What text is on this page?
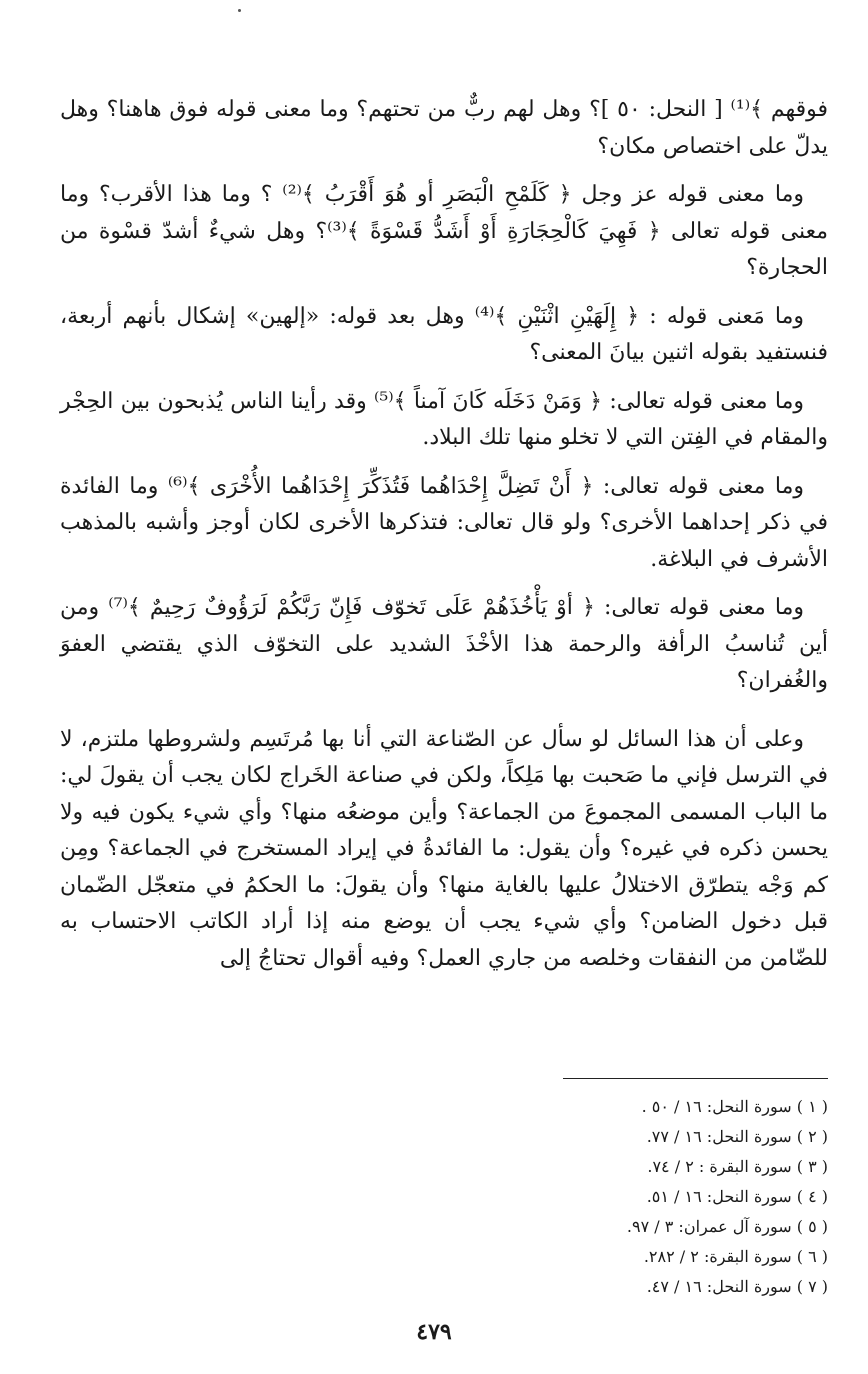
فوقهم ﴾⁽¹⁾ [ النحل: ٥٠ ]؟ وهل لهم ربٌّ من تحتهم؟ وما معنى قوله فوق هاهنا؟ وهل يدلّ على اختصاص مكان؟

وما معنى قوله عز وجل ﴿ كَلَمْحِ الْبَصَرِ أو هُوَ أَقْرَبُ ﴾⁽²⁾ ؟ وما هذا الأقرب؟ وما معنى قوله تعالى ﴿ فَهِيَ كَالْحِجَارَةِ أَوْ أَشَدُّ قَسْوَةً ﴾⁽³⁾؟ وهل شيءٌ أشدّ قسْوة من الحجارة؟

وما مَعنى قوله : ﴿ إِلَهَيْنِ اثْنَيْنِ ﴾⁽⁴⁾ وهل بعد قوله: «إلهين» إشكال بأنهم أربعة، فنستفيد بقوله اثنين بيانَ المعنى؟

وما معنى قوله تعالى: ﴿ وَمَنْ دَخَلَه كَانَ آمناً ﴾⁽⁵⁾ وقد رأينا الناس يُذبحون بين الحِجْر والمقام في الفِتن التي لا تخلو منها تلك البلاد.

وما معنى قوله تعالى: ﴿ أَنْ تَضِلَّ إِحْدَاهُما فَتُذَكِّرَ إِحْدَاهُما الأُخْرَى ﴾⁽⁶⁾ وما الفائدة في ذكر إحداهما الأخرى؟ ولو قال تعالى: فتذكرها الأخرى لكان أوجز وأشبه بالمذهب الأشرف في البلاغة.

وما معنى قوله تعالى: ﴿ أوْ يَأْخُذَهُمْ عَلَى تَخوّف فَإِنّ رَبَّكُمْ لَرَؤُوفٌ رَحِيمٌ ﴾⁽⁷⁾ ومن أين تُناسبُ الرأفة والرحمة هذا الأخْذَ الشديد على التخوّف الذي يقتضي العفوَ والغُفران؟

وعلى أن هذا السائل لو سأل عن الصّناعة التي أنا بها مُرتَسِم ولشروطها ملتزم، لا في الترسل فإني ما صَحبت بها مَلِكاً، ولكن في صناعة الخَراج لكان يجب أن يقولَ لي: ما الباب المسمى المجموعَ من الجماعة؟ وأين موضعُه منها؟ وأي شيء يكون فيه ولا يحسن ذكره في غيره؟ وأن يقول: ما الفائدةُ في إيراد المستخرج في الجماعة؟ ومِن كم وَجْه يتطرّق الاختلالُ عليها بالغاية منها؟ وأن يقولَ: ما الحكمُ في متعجّل الضّمان قبل دخول الضامن؟ وأي شيء يجب أن يوضع منه إذا أراد الكاتب الاحتساب به للضّامن من النفقات وخلصه من جاري العمل؟ وفيه أقوال تحتاجُ إلى

( ١ ) سورة النحل: ١٦ / ٥٠ .
( ٢ ) سورة النحل: ١٦ / ٧٧.
( ٣ ) سورة البقرة : ٢ / ٧٤.
( ٤ ) سورة النحل: ١٦ / ٥١.
( ٥ ) سورة آل عمران: ٣ / ٩٧.
( ٦ ) سورة البقرة: ٢ / ٢٨٢.
( ٧ ) سورة النحل: ١٦ / ٤٧.
٤٧٩
